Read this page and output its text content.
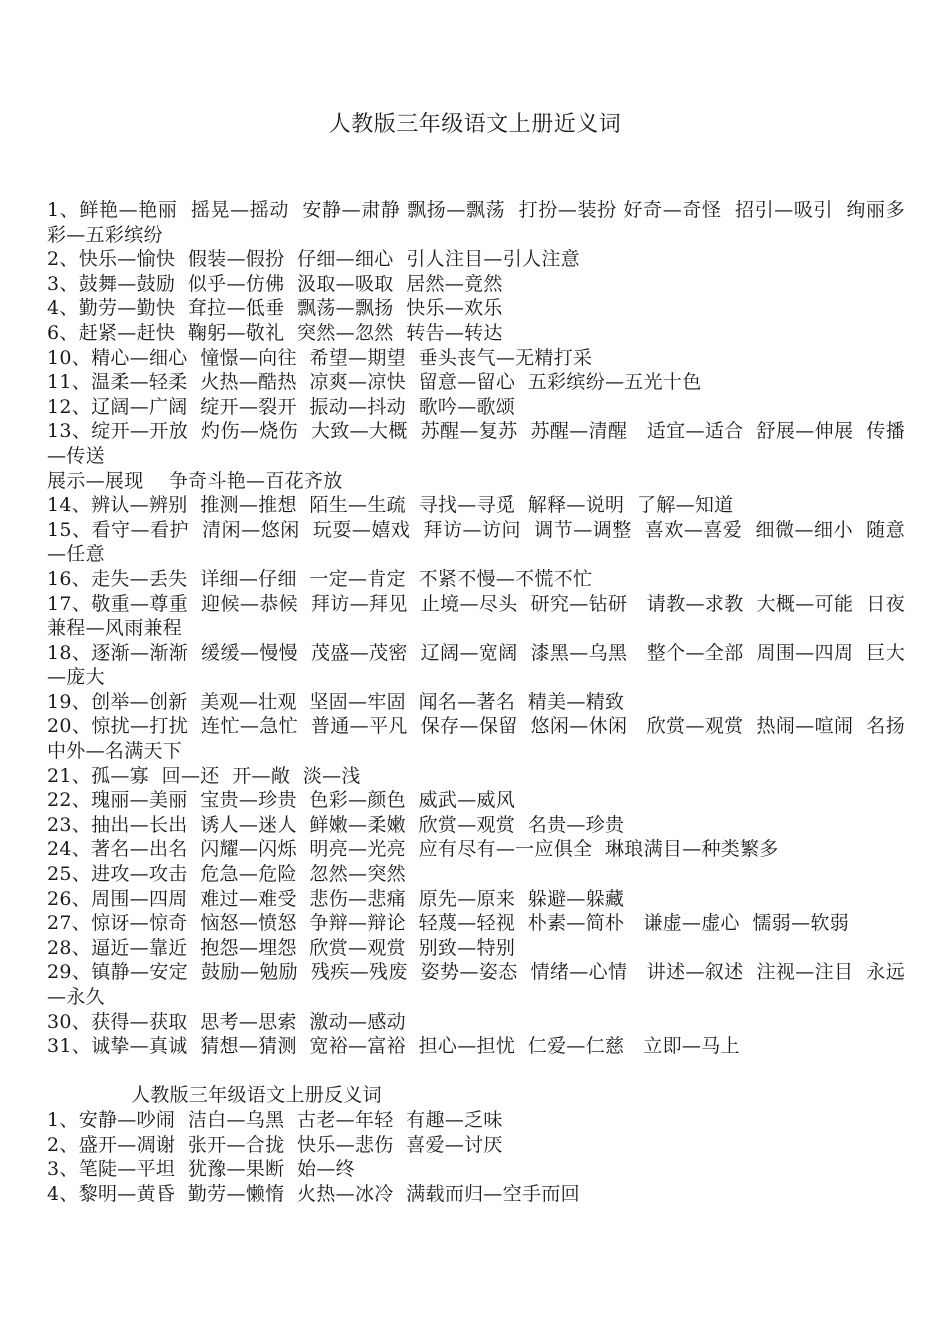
人教版三年级语文上册近义词
1、鲜艳—艳丽  摇晃—摇动  安静—肃静 飘扬—飘荡  打扮—装扮 好奇—奇怪  招引—吸引  绚丽多彩—五彩缤纷
2、快乐—愉快  假装—假扮  仔细—细心  引人注目—引人注意
3、鼓舞—鼓励  似乎—仿佛  汲取—吸取  居然—竟然
4、勤劳—勤快  耷拉—低垂  飘荡—飘扬  快乐—欢乐
6、赶紧—赶快  鞠躬—敬礼  突然—忽然  转告—转达
10、精心—细心  憧憬—向往  希望—期望  垂头丧气—无精打采
11、温柔—轻柔  火热—酷热  凉爽—凉快  留意—留心  五彩缤纷—五光十色
12、辽阔—广阔  绽开—裂开  振动—抖动  歌吟—歌颂
13、绽开—开放  灼伤—烧伤  大致—大概  苏醒—复苏  苏醒—清醒   适宜—适合  舒展—伸展  传播—传送
展示—展现    争奇斗艳—百花齐放
14、辨认—辨别  推测—推想  陌生—生疏  寻找—寻觅  解释—说明  了解—知道
15、看守—看护  清闲—悠闲  玩耍—嬉戏  拜访—访问  调节—调整  喜欢—喜爱  细微—细小  随意—任意
16、走失—丢失  详细—仔细  一定—肯定  不紧不慢—不慌不忙
17、敬重—尊重  迎候—恭候  拜访—拜见  止境—尽头  研究—钻研   请教—求教  大概—可能  日夜兼程—风雨兼程
18、逐渐—渐渐  缓缓—慢慢  茂盛—茂密  辽阔—宽阔  漆黑—乌黑   整个—全部  周围—四周  巨大—庞大
19、创举—创新  美观—壮观  坚固—牢固  闻名—著名  精美—精致
20、惊扰—打扰  连忙—急忙  普通—平凡  保存—保留  悠闲—休闲   欣赏—观赏  热闹—喧闹  名扬中外—名满天下
21、孤—寡  回—还  开—敞  淡—浅
22、瑰丽—美丽  宝贵—珍贵  色彩—颜色  威武—威风
23、抽出—长出  诱人—迷人  鲜嫩—柔嫩  欣赏—观赏  名贵—珍贵
24、著名—出名  闪耀—闪烁  明亮—光亮  应有尽有—一应俱全  琳琅满目—种类繁多
25、进攻—攻击  危急—危险  忽然—突然
26、周围—四周  难过—难受  悲伤—悲痛  原先—原来  躲避—躲藏
27、惊讶—惊奇  恼怒—愤怒  争辩—辩论  轻蔑—轻视  朴素—简朴   谦虚—虚心  懦弱—软弱
28、逼近—靠近  抱怨—埋怨  欣赏—观赏  别致—特别
29、镇静—安定  鼓励—勉励  残疾—残废  姿势—姿态  情绪—心情   讲述—叙述  注视—注目  永远—永久
30、获得—获取  思考—思索  激动—感动
31、诚挚—真诚  猜想—猜测  宽裕—富裕  担心—担忧  仁爱—仁慈   立即—马上
人教版三年级语文上册反义词
1、安静—吵闹  洁白—乌黑  古老—年轻  有趣—乏味
2、盛开—凋谢  张开—合拢  快乐—悲伤  喜爱—讨厌
3、笔陡—平坦  犹豫—果断  始—终
4、黎明—黄昏  勤劳—懒惰  火热—冰冷  满载而归—空手而回
